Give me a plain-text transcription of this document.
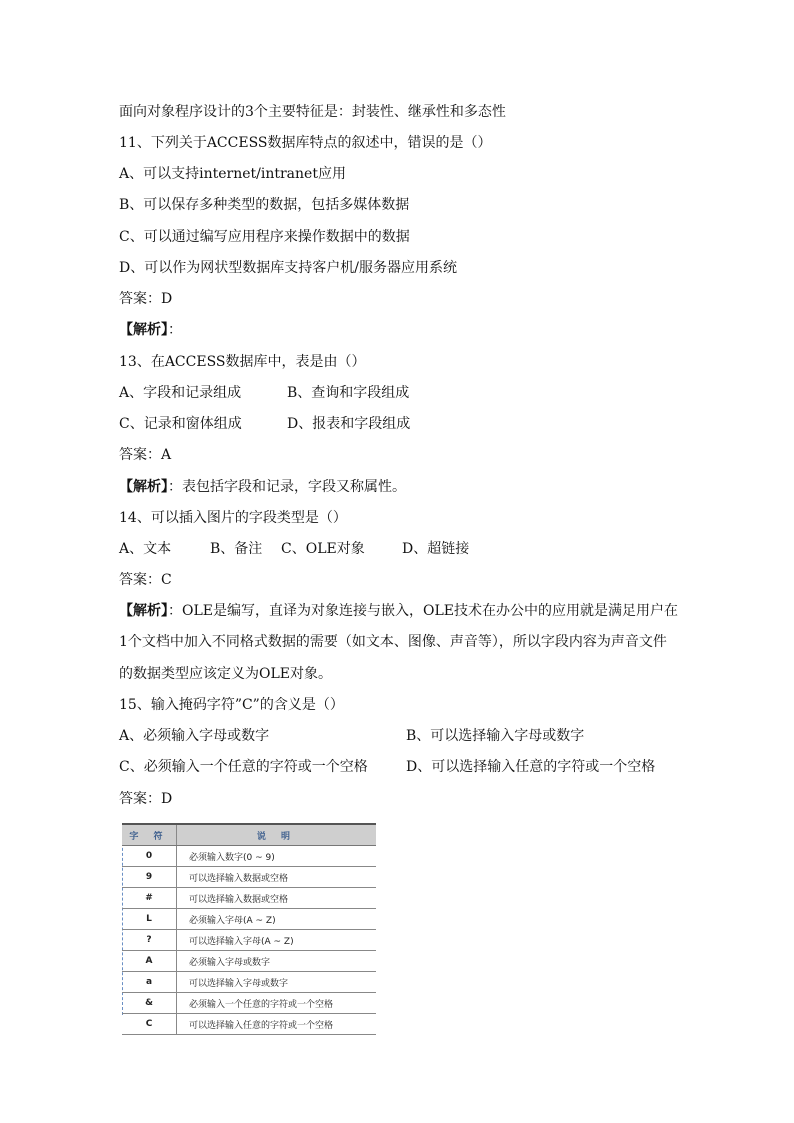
面向对象程序设计的3个主要特征是：封装性、继承性和多态性
11、下列关于ACCESS数据库特点的叙述中，错误的是（）
A、可以支持internet/intranet应用
B、可以保存多种类型的数据，包括多媒体数据
C、可以通过编写应用程序来操作数据中的数据
D、可以作为网状型数据库支持客户机/服务器应用系统
答案：D
【解析】：
13、在ACCESS数据库中，表是由（）
A、字段和记录组成	B、查询和字段组成
C、记录和窗体组成	D、报表和字段组成
答案：A
【解析】：表包括字段和记录，字段又称属性。
14、可以插入图片的字段类型是（）
A、文本	B、备注 C、OLE对象	D、超链接
答案：C
【解析】：OLE是编写，直译为对象连接与嵌入，OLE技术在办公中的应用就是满足用户在
1个文档中加入不同格式数据的需要（如文本、图像、声音等），所以字段内容为声音文件
的数据类型应该定义为OLE对象。
15、输入掩码字符”C”的含义是（）
A、必须输入字母或数字	B、可以选择输入字母或数字
C、必须输入一个任意的字符或一个空格	D、可以选择输入任意的字符或一个空格
答案：D
字 符	说 明
0	必须输入数字(0 ~ 9)
9	可以选择输入数据或空格
#	可以选择输入数据或空格
L	必须输入字母(A ~ Z)
?	可以选择输入字母(A ~ Z)
A	必须输入字母或数字
a	可以选择输入字母或数字
&	必须输入一个任意的字符或一个空格
C	可以选择输入任意的字符或一个空格
